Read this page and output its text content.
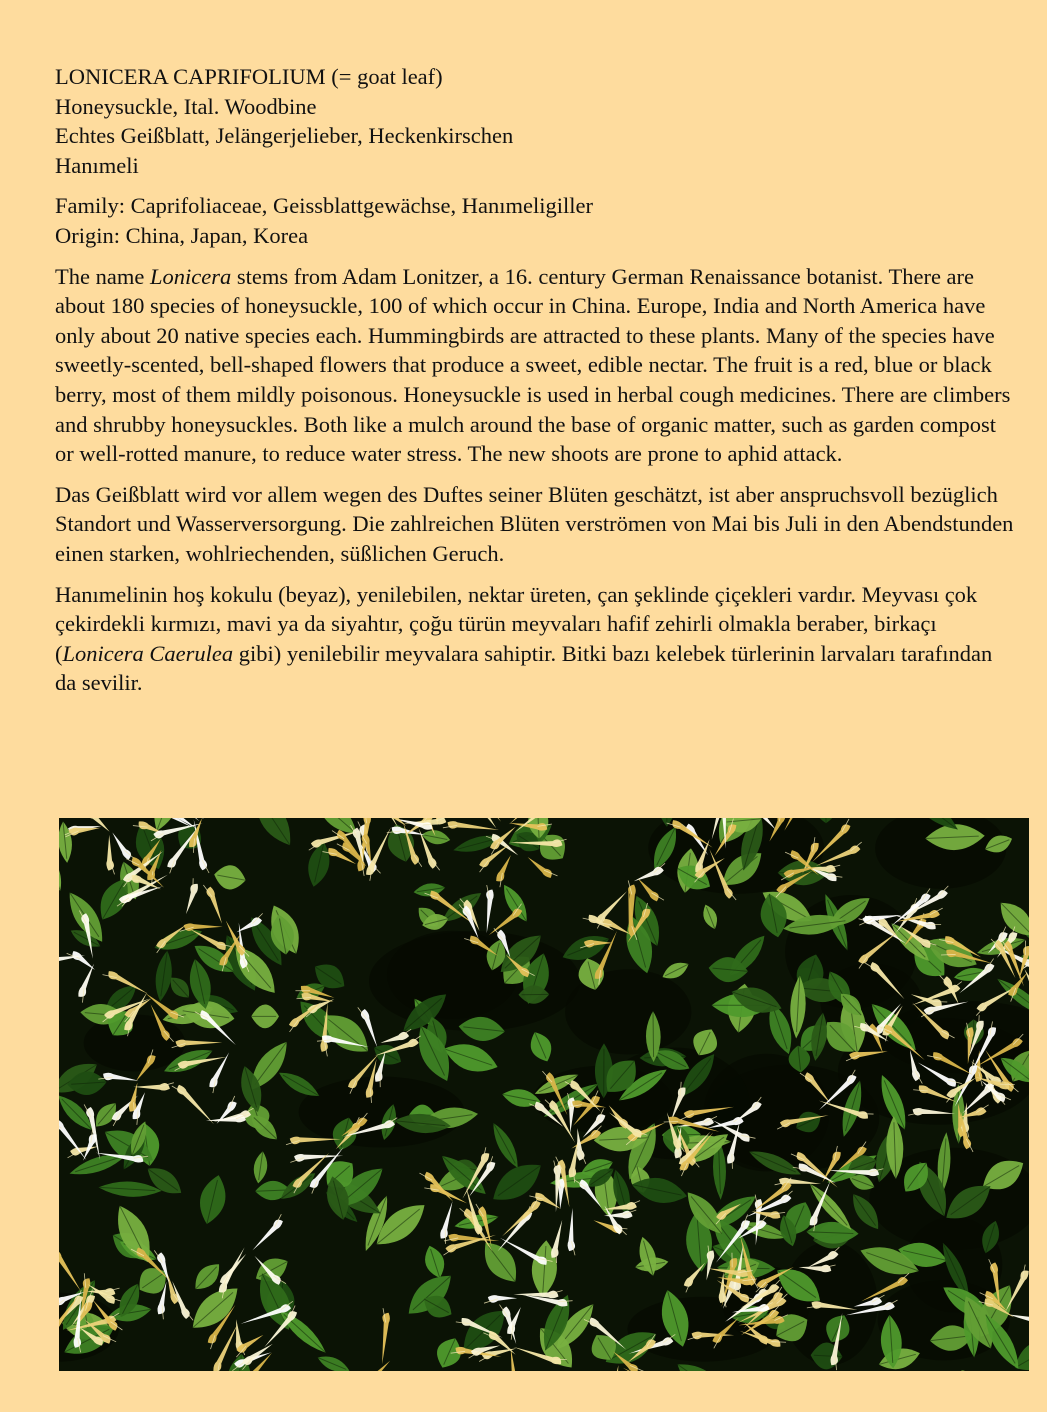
LONICERA CAPRIFOLIUM (= goat leaf)
Honeysuckle, Ital. Woodbine
Echtes Geißblatt, Jelängerjelieber, Heckenkirschen
Hanımeli
Family: Caprifoliaceae, Geissblattgewächse, Hanımeligiller
Origin: China, Japan, Korea

The name Lonicera stems from Adam Lonitzer, a 16. century German Renaissance botanist. There are about 180 species of honeysuckle, 100 of which occur in China. Europe, India and North America have only about 20 native species each. Hummingbirds are attracted to these plants. Many of the species have sweetly-scented, bell-shaped flowers that produce a sweet, edible nectar. The fruit is a red, blue or black berry, most of them mildly poisonous. Honeysuckle is used in herbal cough medicines. There are climbers and shrubby honeysuckles. Both like a mulch around the base of organic matter, such as garden compost or well-rotted manure, to reduce water stress. The new shoots are prone to aphid attack.

Das Geißblatt wird vor allem wegen des Duftes seiner Blüten geschätzt, ist aber anspruchsvoll bezüglich Standort und Wasserversorgung. Die zahlreichen Blüten verströmen von Mai bis Juli in den Abendstunden einen starken, wohlriechenden, süßlichen Geruch.

Hanımelinin hoş kokulu (beyaz), yenilebilen, nektar üreten, çan şeklinde çiçekleri vardır. Meyvası çok çekirdekli kırmızı, mavi ya da siyahtır, çoğu türün meyvaları hafif zehirli olmakla beraber, birkaçı (Lonicera Caerulea gibi) yenilebilir meyvalara sahiptir. Bitki bazı kelebek türlerinin larvaları tarafından da sevilir.
